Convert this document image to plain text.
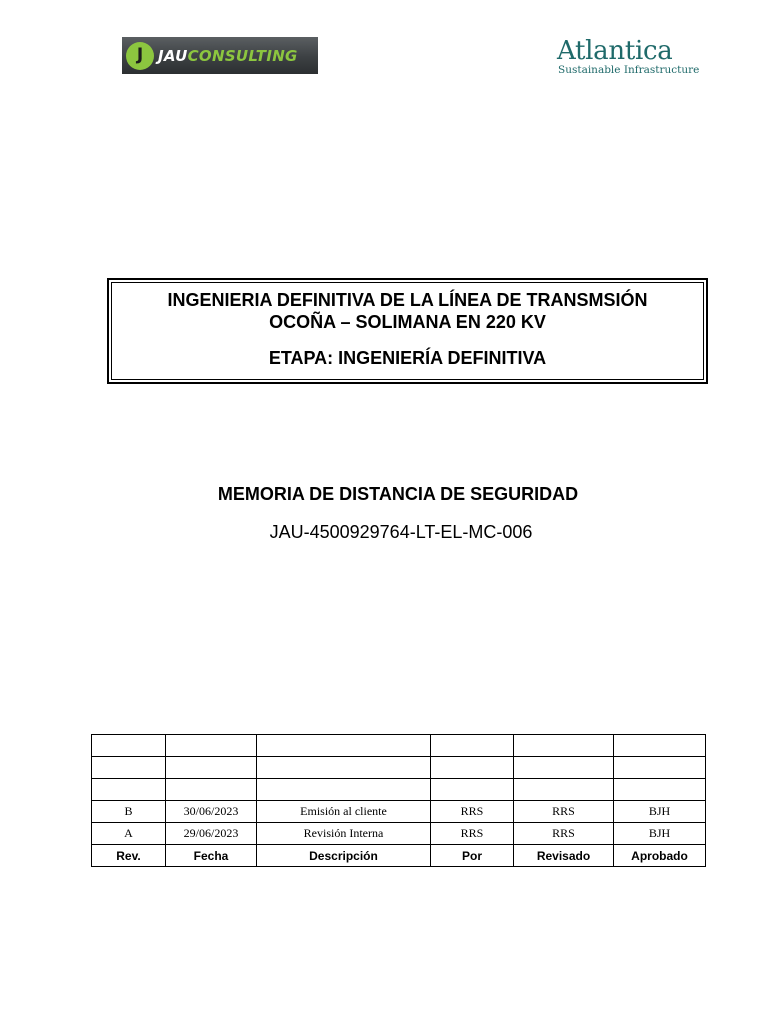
J JAUCONSULTING	Atlantica
Sustainable Infrastructure
INGENIERIA DEFINITIVA DE LA LÍNEA DE TRANSMSIÓN
OCOÑA – SOLIMANA EN 220 KV
ETAPA: INGENIERÍA DEFINITIVA
MEMORIA DE DISTANCIA DE SEGURIDAD
JAU-4500929764-LT-EL-MC-006

B	30/06/2023	Emisión al cliente	RRS	RRS	BJH
A	29/06/2023	Revisión Interna	RRS	RRS	BJH
Rev.	Fecha	Descripción	Por	Revisado	Aprobado
